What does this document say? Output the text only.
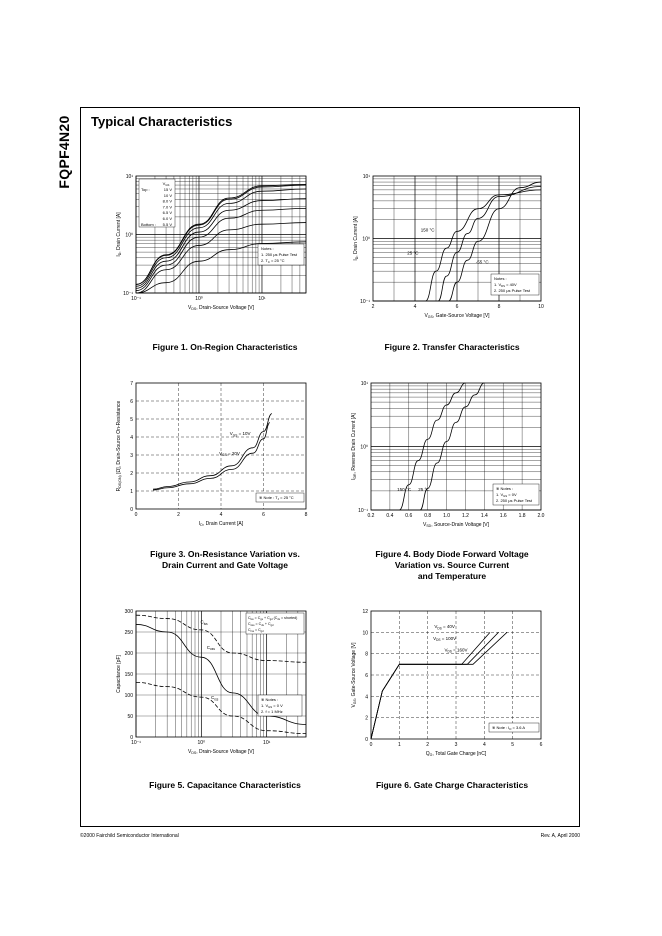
FQPF4N20 Typical Characteristics
10⁻¹	10⁰	10¹
10¹
10⁰
10⁻¹
$V_{DS}$, Drain-Source Voltage [V]
$I_D$, Drain Current [A]
$V_{GS}$
Top :	15 V
10 V
8.0 V
7.0 V
6.5 V
6.0 V
Bottom : 5.5 V
Notes :
1. 250 μs Pulse Test
2. $T_C = 25$ °C
2	4	6	8	10
10¹
10⁰
10⁻¹
$V_{GS}$, Gate-Source Voltage [V]
$I_D$, Drain Current [A]	150 °C
25 °C
-55 °C
Notes :
1. $V_{DS} = 40V$
2. 250 μs Pulse Test
0	2	4	6	8
0
1
2
3
4
5
6
7
$I_D$, Drain Current [A]
$R_{DS(ON)}$ [Ω], Drain-Source On-Resistance	$V_{GS} = 10V$
$V_{GS} = 20V$
※ Note : $T_J = 25$ °C
0.2 0.4 0.6 0.8 1.0 1.2 1.4 1.6 1.8 2.0
10¹
10⁰
10⁻¹
$V_{SD}$, Source-Drain Voltage [V]
$I_{DR}$, Reverse Drain Current [A]
150 °C 25 °C	※ Notes :
1. $V_{GS} = 0V$
2. 250 μs Pulse Test
10⁻¹	10⁰	10¹
0
50
100
150
200
250
300
$V_{DS}$, Drain-Source Voltage [V]
Capacitance [pF]
$C_{iss} = C_{gs} + C_{gd}$ ($C_{ds}$ = shorted)
$C_{oss} = C_{ds} + C_{gd}$
$C_{rss} = C_{gd}$
$C_{iss}$
$C_{oss}$
$C_{rss}$	※ Notes :
1. $V_{GS} = 0$ V
2. f = 1 MHz
0	1	2	3	4	5	6
0
2
4
6
8
10
12
$Q_G$, Total Gate Charge [nC]
$V_{GS}$, Gate-Source Voltage [V]
$V_{DS} = 40V$
$V_{DS} = 100V$
$V_{DS} = 160V$
※ Note : $I_D = 3.6$ A
Figure 1. On-Region Characteristics	Figure 2. Transfer Characteristics
Figure 3. On-Resistance Variation vs.
Drain Current and Gate Voltage
Figure 4. Body Diode Forward Voltage
Variation vs. Source Current
and Temperature
Figure 5. Capacitance Characteristics	Figure 6. Gate Charge Characteristics
©2000 Fairchild Semiconductor International	Rev. A, April 2000
